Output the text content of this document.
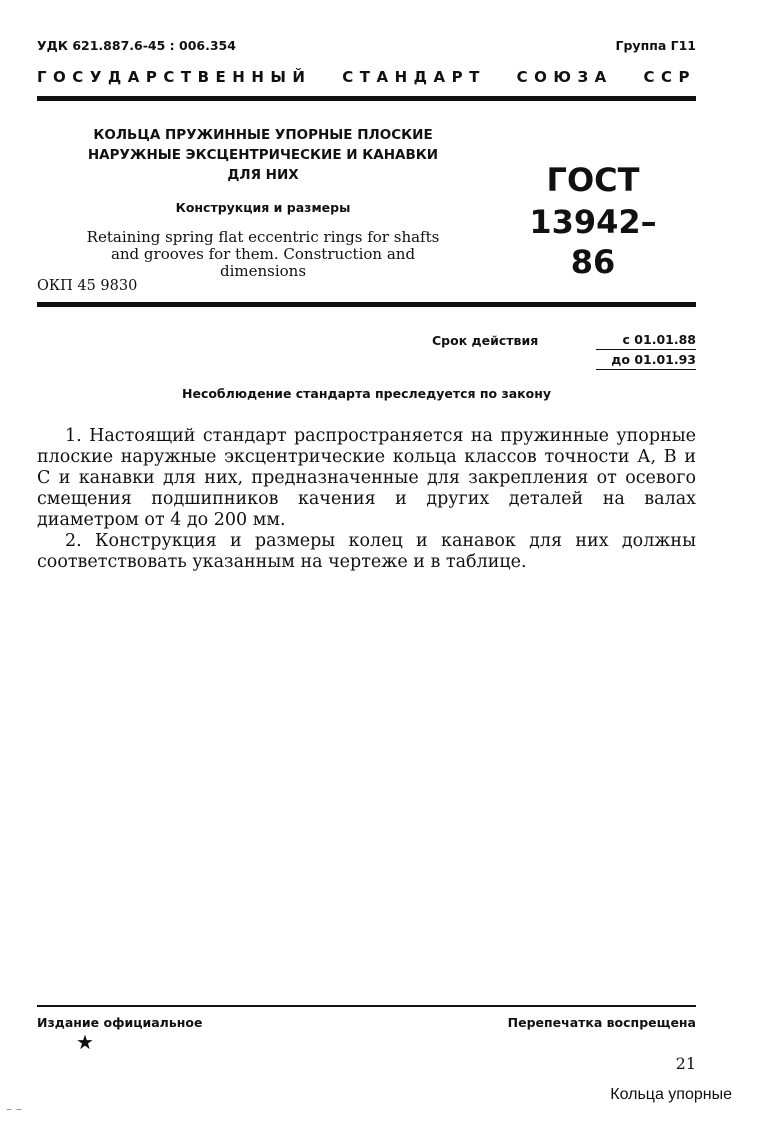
УДК 621.887.6-45 : 006.354	Группа Г11
ГОСУДАРСТВЕННЫЙ СТАНДАРТ СОЮЗА ССР
КОЛЬЦА ПРУЖИННЫЕ УПОРНЫЕ ПЛОСКИЕ
НАРУЖНЫЕ ЭКСЦЕНТРИЧЕСКИЕ И КАНАВКИ
ДЛЯ НИХ
Конструкция и размеры
Retaining spring flat eccentric rings for shafts
and grooves for them. Construction and
dimensions
ОКП 45 9830
ГОСТ
13942–86
Срок действия	с 01.01.88
до 01.01.93
Несоблюдение стандарта преследуется по закону

1. Настоящий стандарт распространяется на пружинные упорные плоские наружные эксцентрические кольца классов точности А, В и С и канавки для них, предназначенные для закрепления от осевого смещения подшипников качения и других деталей на валах диаметром от 4 до 200 мм.

2. Конструкция и размеры колец и канавок для них должны соответствовать указанным на чертеже и в таблице.

Издание официальное
★
Перепечатка воспрещена
21
Кольца упорные
– –
